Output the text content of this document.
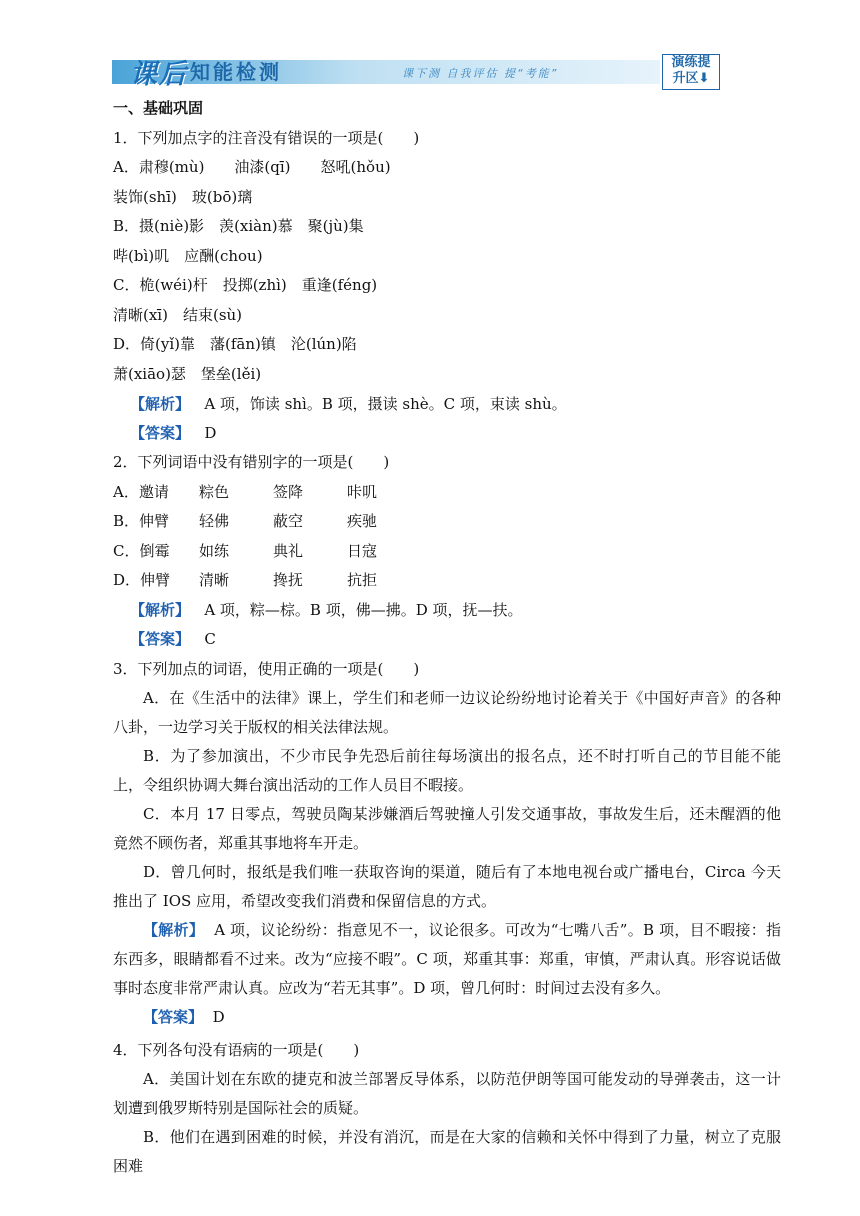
课后 知能检测	课下测 自我评估 提“考能”
演练提
升区⬇
一、基础巩固
1．下列加点字的注音没有错误的一项是(　　)
A．肃穆(mù)　　油漆(qī)　　怒吼(hǒu)
装饰(shī)　玻(bō)璃
B．摄(niè)影　羡(xiàn)慕　聚(jù)集
哔(bì)叽　应酬(chou)
C．桅(wéi)杆　投掷(zhì)　重逢(féng)
清晰(xī)　结束(sù)
D．倚(yǐ)靠　藩(fān)镇　沦(lún)陷
萧(xiāo)瑟　堡垒(lěi)
【解析】 A 项，饰读 shì。B 项，摄读 shè。C 项，束读 shù。
【答案】 D
2．下列词语中没有错别字的一项是(　　)
A．邀请 粽色	签降	咔叽
B．伸臂 轻佛	蔽空	疾驰
C．倒霉 如练	典礼	日寇
D．伸臂 清晰	搀抚	抗拒
【解析】 A 项，粽—棕。B 项，佛—拂。D 项，抚—扶。
【答案】 C
3．下列加点的词语，使用正确的一项是(　　)

A．在《生活中的法律》课上，学生们和老师一边议论纷纷地讨论着关于《中国好声音》的各种八卦，一边学习关于版权的相关法律法规。

B．为了参加演出，不少市民争先恐后前往每场演出的报名点，还不时打听自己的节目能不能上，令组织协调大舞台演出活动的工作人员目不暇接。

C．本月 17 日零点，驾驶员陶某涉嫌酒后驾驶撞人引发交通事故，事故发生后，还未醒酒的他竟然不顾伤者，郑重其事地将车开走。

D．曾几何时，报纸是我们唯一获取咨询的渠道，随后有了本地电视台或广播电台，Circa 今天推出了 IOS 应用，希望改变我们消费和保留信息的方式。

【解析】 A 项，议论纷纷：指意见不一，议论很多。可改为“七嘴八舌”。B 项，目不暇接：指东西多，眼睛都看不过来。改为“应接不暇”。C 项，郑重其事：郑重，审慎，严肃认真。形容说话做事时态度非常严肃认真。应改为“若无其事”。D 项，曾几何时：时间过去没有多久。

【答案】 D

4．下列各句没有语病的一项是(　　)

A．美国计划在东欧的捷克和波兰部署反导体系，以防范伊朗等国可能发动的导弹袭击，这一计划遭到俄罗斯特别是国际社会的质疑。

B．他们在遇到困难的时候，并没有消沉，而是在大家的信赖和关怀中得到了力量，树立了克服困难
